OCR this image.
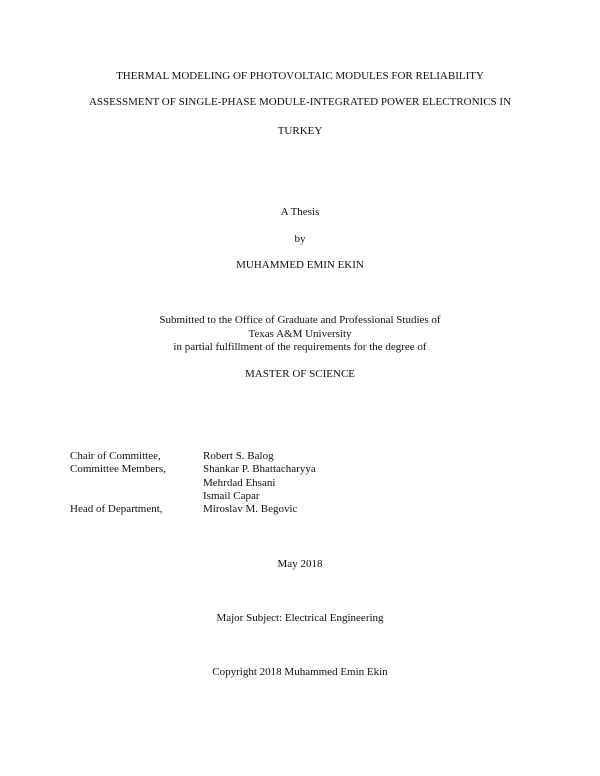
THERMAL MODELING OF PHOTOVOLTAIC MODULES FOR RELIABILITY
ASSESSMENT OF SINGLE-PHASE MODULE-INTEGRATED POWER ELECTRONICS IN
TURKEY
A Thesis
by
MUHAMMED EMIN EKIN
Submitted to the Office of Graduate and Professional Studies of
Texas A&M University
in partial fulfillment of the requirements for the degree of
MASTER OF SCIENCE
Chair of Committee,	Robert S. Balog
Committee Members,	Shankar P. Bhattacharyya
Mehrdad Ehsani
Ismail Capar
Head of Department,	Miroslav M. Begovic
May 2018
Major Subject: Electrical Engineering
Copyright 2018 Muhammed Emin Ekin
